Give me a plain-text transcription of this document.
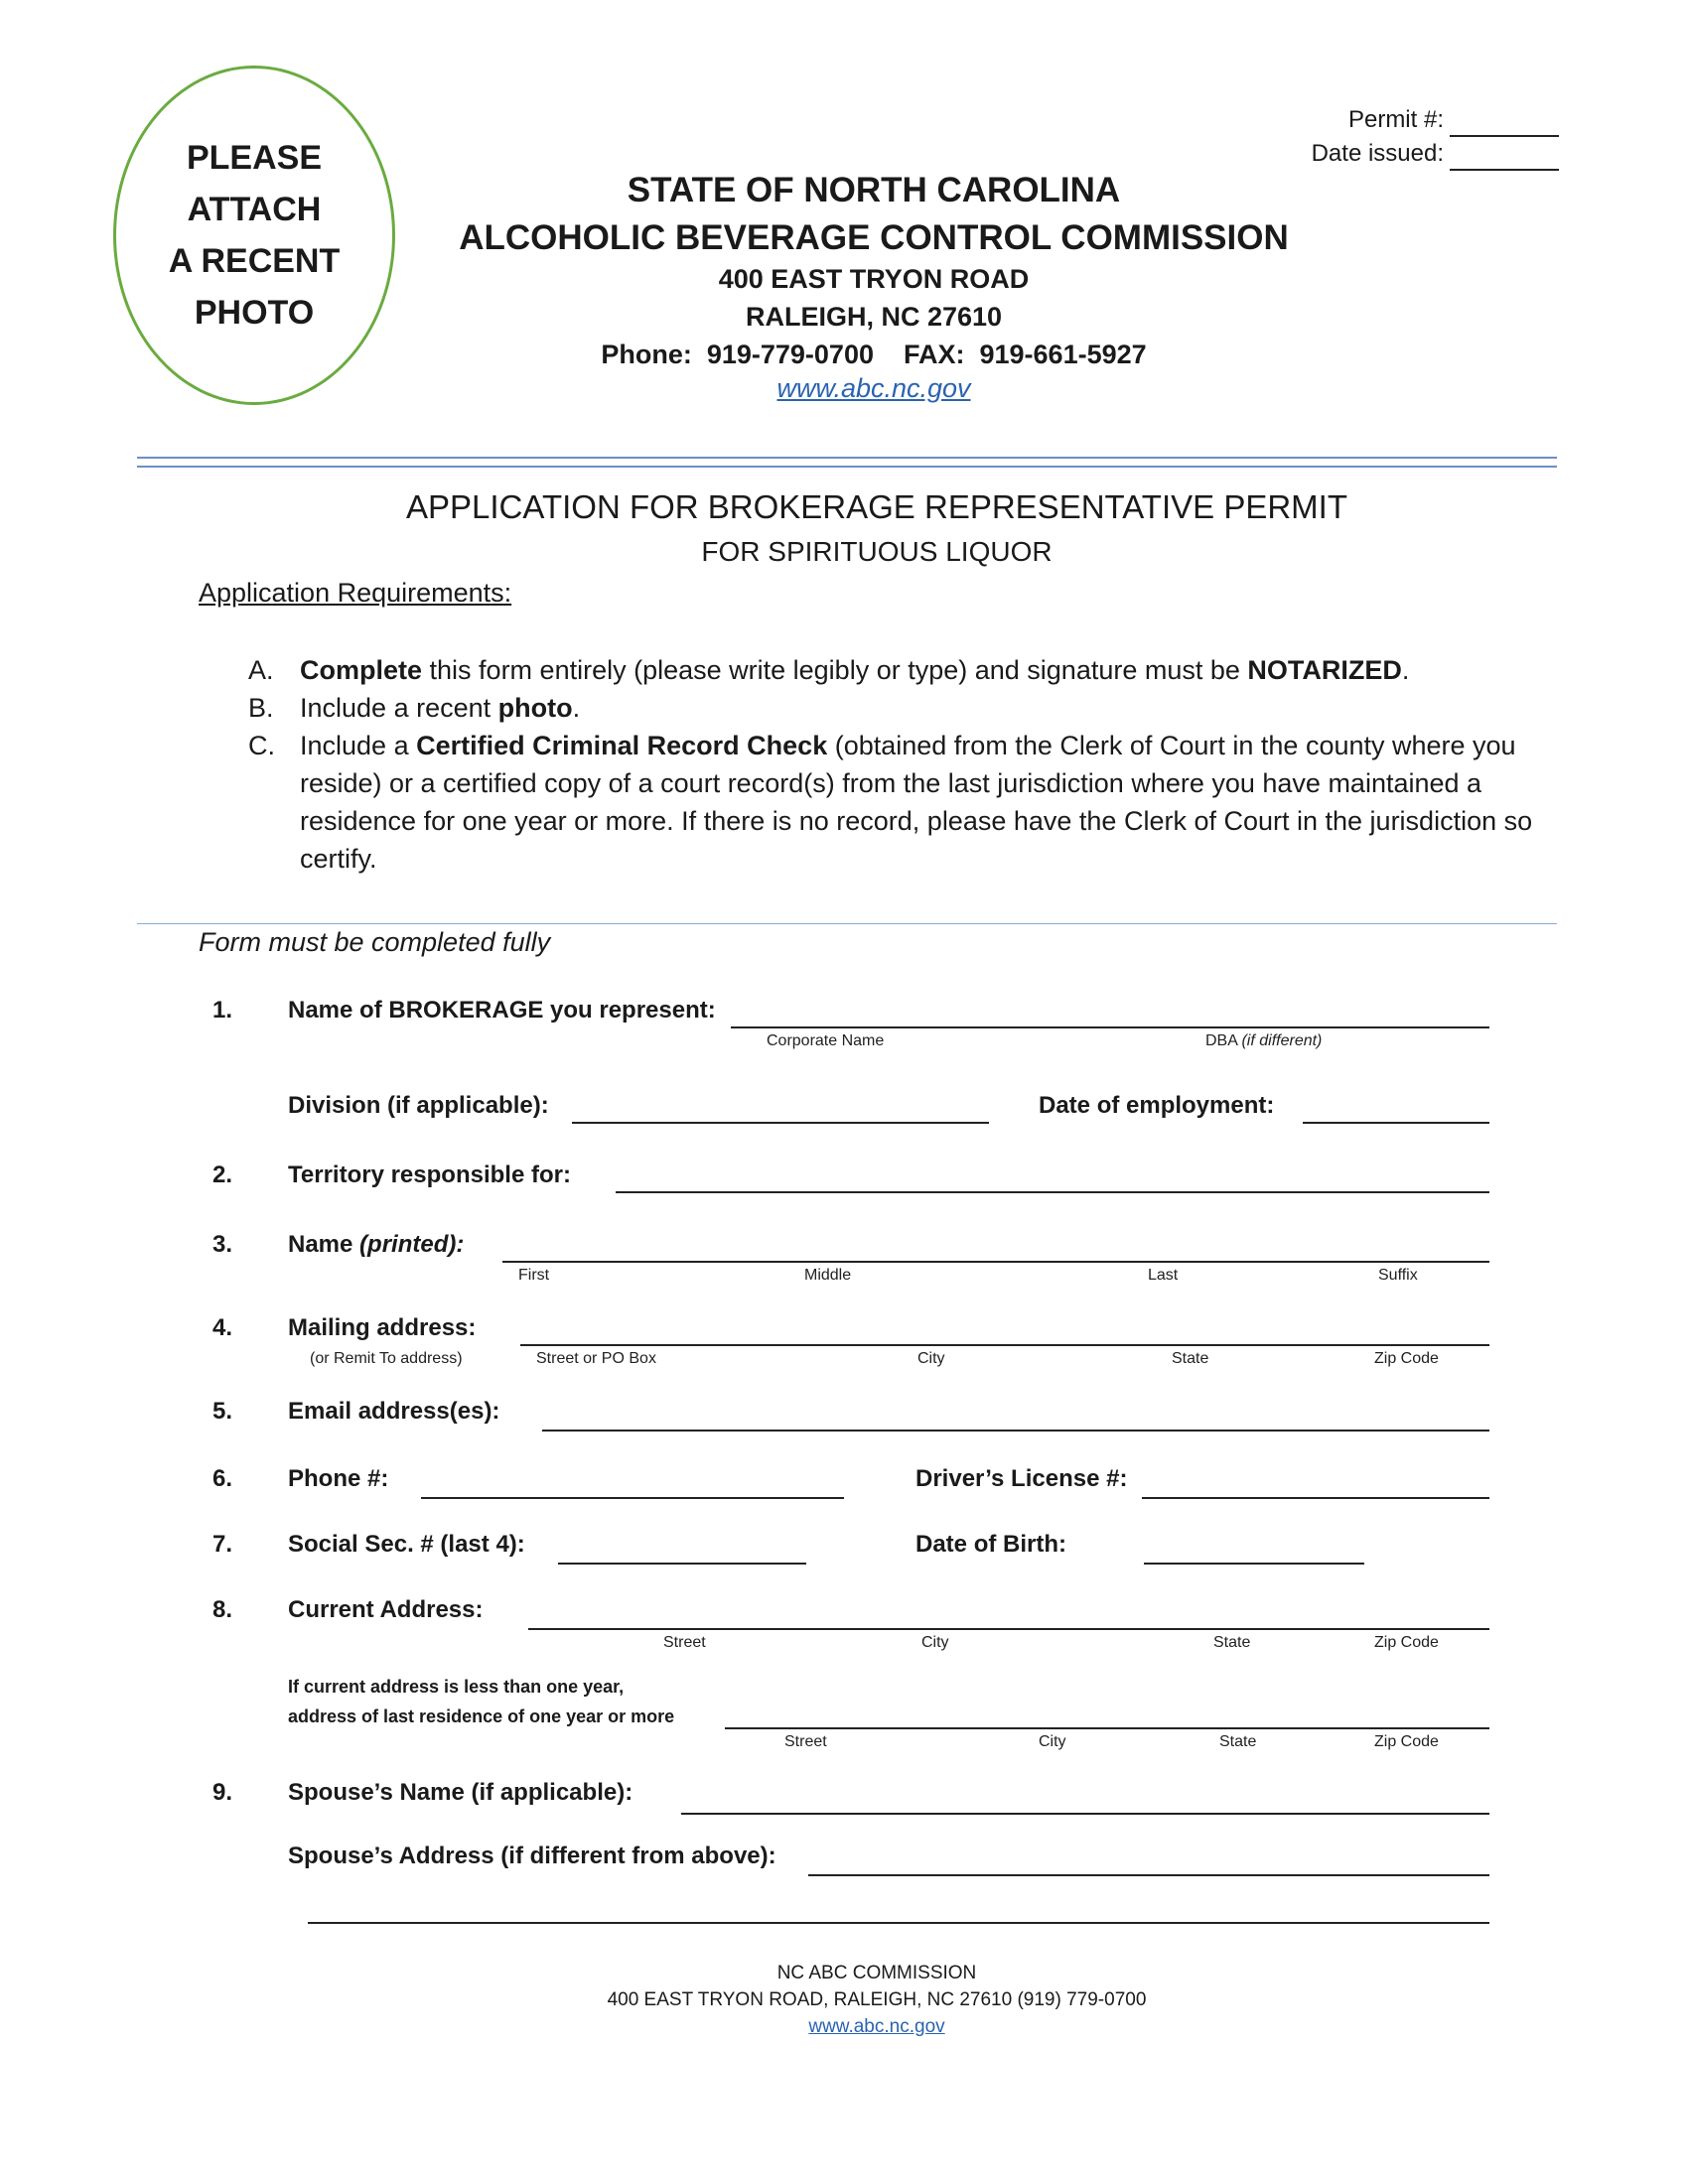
PLEASE
ATTACH
A RECENT
PHOTO
Permit #:
Date issued:
STATE OF NORTH CAROLINA
ALCOHOLIC BEVERAGE CONTROL COMMISSION
400 EAST TRYON ROAD
RALEIGH, NC 27610
Phone:  919-779-0700    FAX:  919-661-5927
www.abc.nc.gov
APPLICATION FOR BROKERAGE REPRESENTATIVE PERMIT
FOR SPIRITUOUS LIQUOR
Application Requirements:
A. Complete this form entirely (please write legibly or type) and signature must be NOTARIZED.
B. Include a recent photo.
C. Include a Certified Criminal Record Check (obtained from the Clerk of Court in the county where you reside) or a certified copy of a court record(s) from the last jurisdiction where you have maintained a residence for one year or more. If there is no record, please have the Clerk of Court in the jurisdiction so certify.
Form must be completed fully
1. Name of BROKERAGE you represent:
Corporate Name	DBA (if different)
Division (if applicable):	Date of employment:
2. Territory responsible for:
3. Name (printed):
First	Middle	Last	Suffix
4. Mailing address:
(or Remit To address)	Street or PO Box	City	State	Zip Code
5. Email address(es):
6. Phone #:	Driver’s License #:
7. Social Sec. # (last 4):	Date of Birth:
8. Current Address:
Street	City	State	Zip Code
If current address is less than one year,
address of last residence of one year or more
Street	City	State	Zip Code
9. Spouse’s Name (if applicable):
Spouse’s Address (if different from above):
NC ABC COMMISSION
400 EAST TRYON ROAD, RALEIGH, NC 27610 (919) 779-0700
www.abc.nc.gov
